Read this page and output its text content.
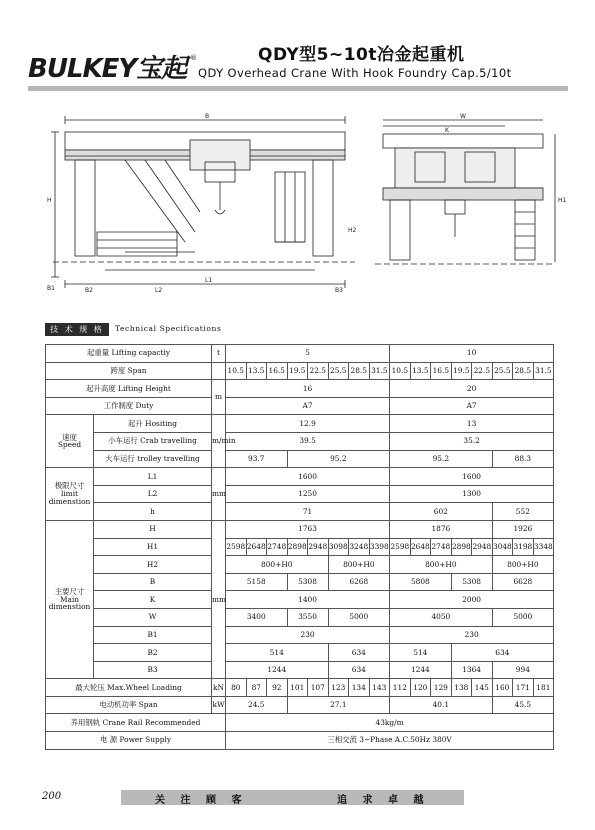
BULKEY宝起 ®	QDY型5~10t冶金起重机
QDY Overhead Crane With Hook Foundry Cap.5/10t
B1
L1
B2	L2	B3
H	H1
H2
W
K
B
技 术 规 格	Technical Specifications
起重量 Lifting capactiy		t	5								10							
跨度 Span			10.5	13.5	16.5	19.5	22.5	25.5	28.5	31.5	10.5	13.5	16.5	19.5	22.5	25.5	28.5	31.5
起升高度 Lifting Height		m	16								20							
工作制度 Duty			A7								A7							
速度
Speed	起升 Hositing	m/min	12.9								13							
	小车运行 Crab travelling		39.5								35.2							
	大车运行 trolley travelling		93.7			95.2					95.2					88.3		
极限尺寸
limit
dimenstion	L1	mm	1600								1600							
	L2		1250								1300							
	h		71								602					552		
主要尺寸
Main
dimenstion	H	mm	1763								1876					1926		
	H1		2598	2648	2748	2898	2948	3098	3248	3398	2598	2648	2748	2898	2948	3048	3198	3348
	H2		800+H0					800+H0			800+H0					800+H0		
	B		5158			5308		6268			5808			5308		6628		
	K		1400								2000							
	W		3400			3550		5000			4050					5000		
	B1		230								230							
	B2		514					634			514			634				
	B3		1244					634			1244			1364		994		
最大轮压 Max.Wheel Loading		kN	80	87	92	101	107	123	134	143	112	120	129	138	145	160	171	181
电动机功率 Span		kW	24.5			27.1					40.1					45.5		
养用钢轨 Crane Rail Recommended			43kg/m															
电 源 Power Supply			三相交流 3~Phase A.C.50Hz 380V															
200	关 注 顾 客	追 求 卓 越
